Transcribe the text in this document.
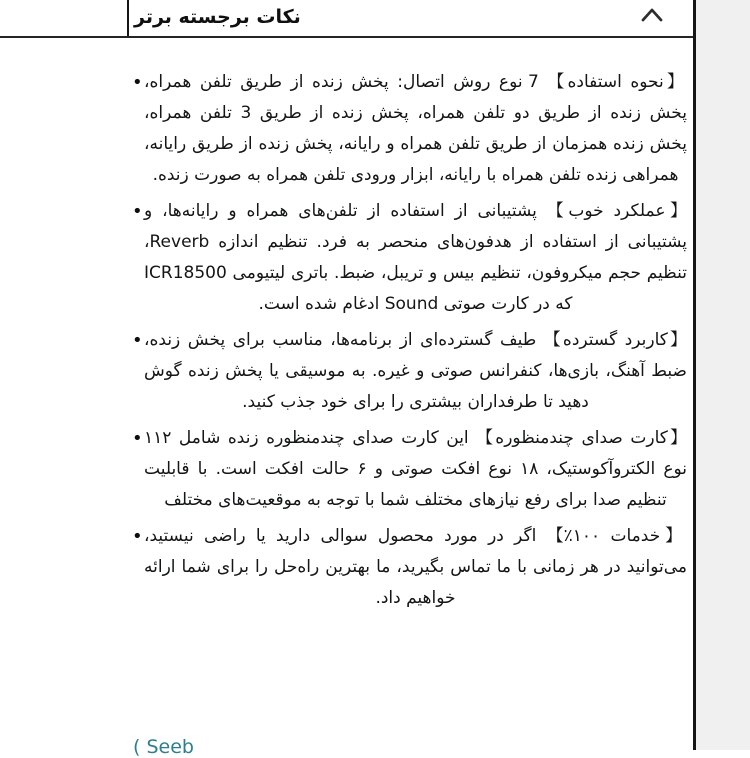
نکات برجسته برتر
• 【نحوه استفاده】 7 نوع روش اتصال: پخش زنده از طریق تلفن همراه، پخش زنده از طریق دو تلفن همراه، پخش زنده از طریق 3 تلفن همراه، پخش زنده همزمان از طریق تلفن همراه و رایانه، پخش زنده از طریق رایانه، همراهی زنده تلفن همراه با رایانه، ابزار ورودی تلفن همراه به صورت زنده.
• 【عملکرد خوب】 پشتیبانی از استفاده از تلفن‌های همراه و رایانه‌ها، و پشتیبانی از استفاده از هدفون‌های منحصر به فرد. تنظیم اندازه Reverb، تنظیم حجم میکروفون، تنظیم بیس و تریبل، ضبط. باتری لیتیومی ICR18500 که در کارت صوتی Sound ادغام شده است.
• 【کاربرد گسترده】 طیف گسترده‌ای از برنامه‌ها، مناسب برای پخش زنده، ضبط آهنگ، بازی‌ها، کنفرانس صوتی و غیره. به موسیقی یا پخش زنده گوش دهید تا طرفداران بیشتری را برای خود جذب کنید.
• 【کارت صدای چندمنظوره】 این کارت صدای چندمنظوره زنده شامل ۱۱۲ نوع الکتروآکوستیک، ۱۸ نوع افکت صوتی و ۶ حالت افکت است. با قابلیت تنظیم صدا برای رفع نیازهای مختلف شما با توجه به موقعیت‌های مختلف
• 【خدمات ۱۰۰٪】 اگر در مورد محصول سوالی دارید یا راضی نیستید، می‌توانید در هر زمانی با ما تماس بگیرید، ما بهترین راه‌حل را برای شما ارائه خواهیم داد.
( Seeb
